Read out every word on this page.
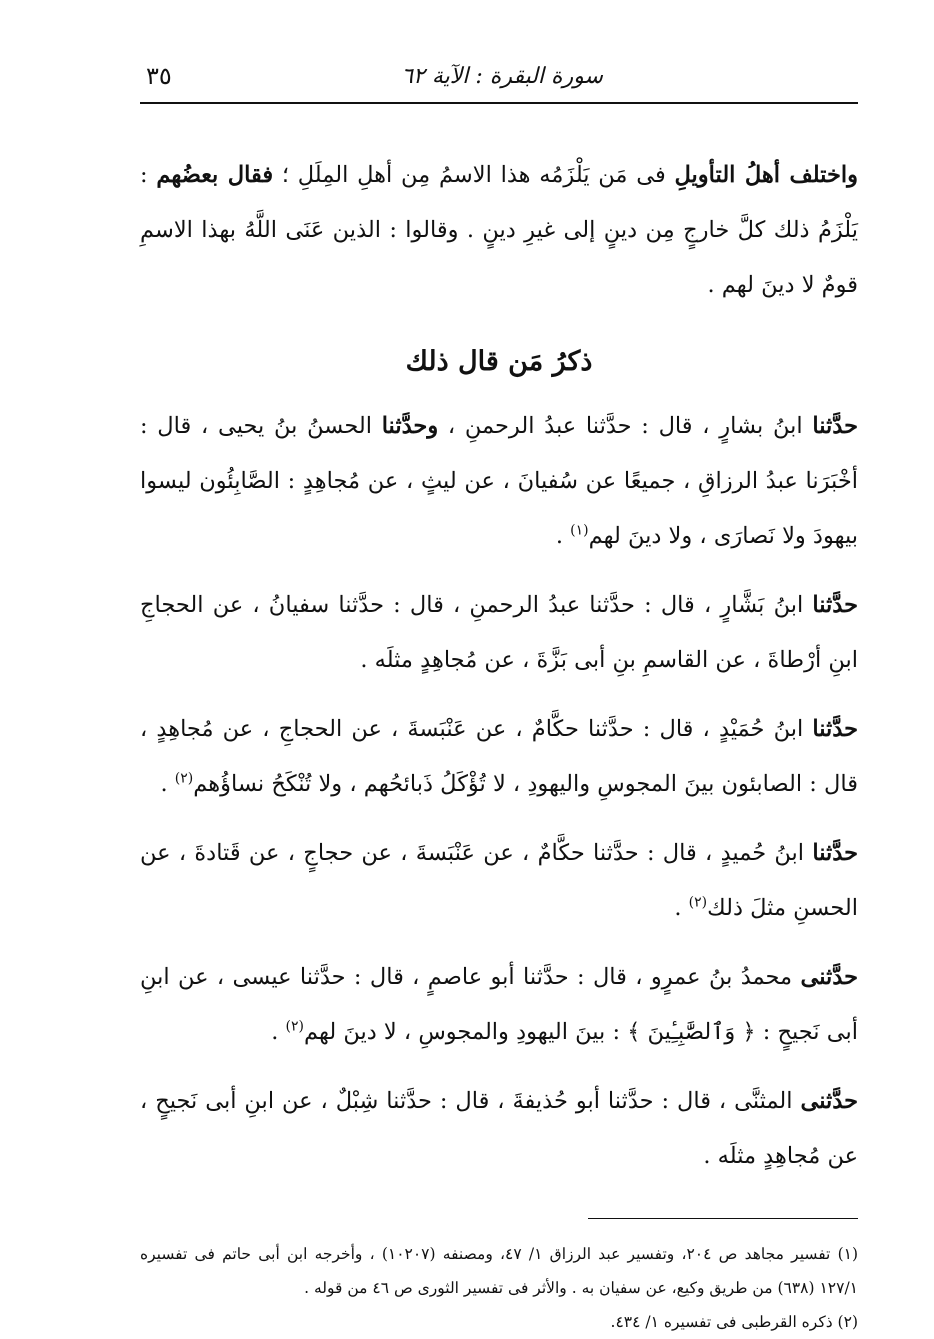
سورة البقرة : الآية ٦٢
٣٥

واختلف أهلُ التأويلِ فى مَن يَلْزَمُه هذا الاسمُ مِن أهلِ المِلَلِ ؛ فقال بعضُهم : يَلْزَمُ ذلك كلَّ خارجٍ مِن دينٍ إلى غيرِ دينٍ . وقالوا : الذين عَنَى اللَّهُ بهذا الاسمِ قومٌ لا دينَ لهم .

ذكرُ مَن قال ذلك

حدَّثنا ابنُ بشارٍ ، قال : حدَّثنا عبدُ الرحمنِ ، وحدَّثنا الحسنُ بنُ يحيى ، قال : أخْبَرَنا عبدُ الرزاقِ ، جميعًا عن سُفيانَ ، عن ليثٍ ، عن مُجاهِدٍ : الصَّابِئُون ليسوا بيهودَ ولا نَصارَى ، ولا دينَ لهم$^{(١)}$ .

حدَّثنا ابنُ بَشَّارٍ ، قال : حدَّثنا عبدُ الرحمنِ ، قال : حدَّثنا سفيانُ ، عن الحجاجِ ابنِ أرْطاةَ ، عن القاسمِ بنِ أبى بَزَّةَ ، عن مُجاهِدٍ مثلَه .

حدَّثنا ابنُ حُمَيْدٍ ، قال : حدَّثنا حكَّامٌ ، عن عَنْبَسةَ ، عن الحجاجِ ، عن مُجاهِدٍ ، قال : الصابئون بينَ المجوسِ واليهودِ ، لا تُؤْكَلُ ذَبائحُهم ، ولا تُنْكَحُ نساؤُهم$^{(٢)}$ .

حدَّثنا ابنُ حُميدٍ ، قال : حدَّثنا حكَّامٌ ، عن عَنْبَسةَ ، عن حجاجٍ ، عن قَتادةَ ، عن الحسنِ مثلَ ذلك$^{(٢)}$ .

حدَّثنى محمدُ بنُ عمرٍو ، قال : حدَّثنا أبو عاصمٍ ، قال : حدَّثنا عيسى ، عن ابنِ أبى نَجيحٍ : ﴿ وَٱلصَّٰبِـِٔينَ ﴾ : بينَ اليهودِ والمجوسِ ، لا دينَ لهم$^{(٢)}$ .

حدَّثنى المثنَّى ، قال : حدَّثنا أبو حُذيفةَ ، قال : حدَّثنا شِبْلٌ ، عن ابنِ أبى نَجيحٍ ، عن مُجاهِدٍ مثلَه .

(١) تفسير مجاهد ص ٢٠٤، وتفسير عبد الرزاق ١/ ٤٧، ومصنفه (١٠٢٠٧) ، وأخرجه ابن أبى حاتم فى تفسيره ١٢٧/١ (٦٣٨) من طريق وكيع، عن سفيان به . والأثر فى تفسير الثورى ص ٤٦ من قوله .

(٢) ذكره القرطبى فى تفسيره ١/ ٤٣٤.
